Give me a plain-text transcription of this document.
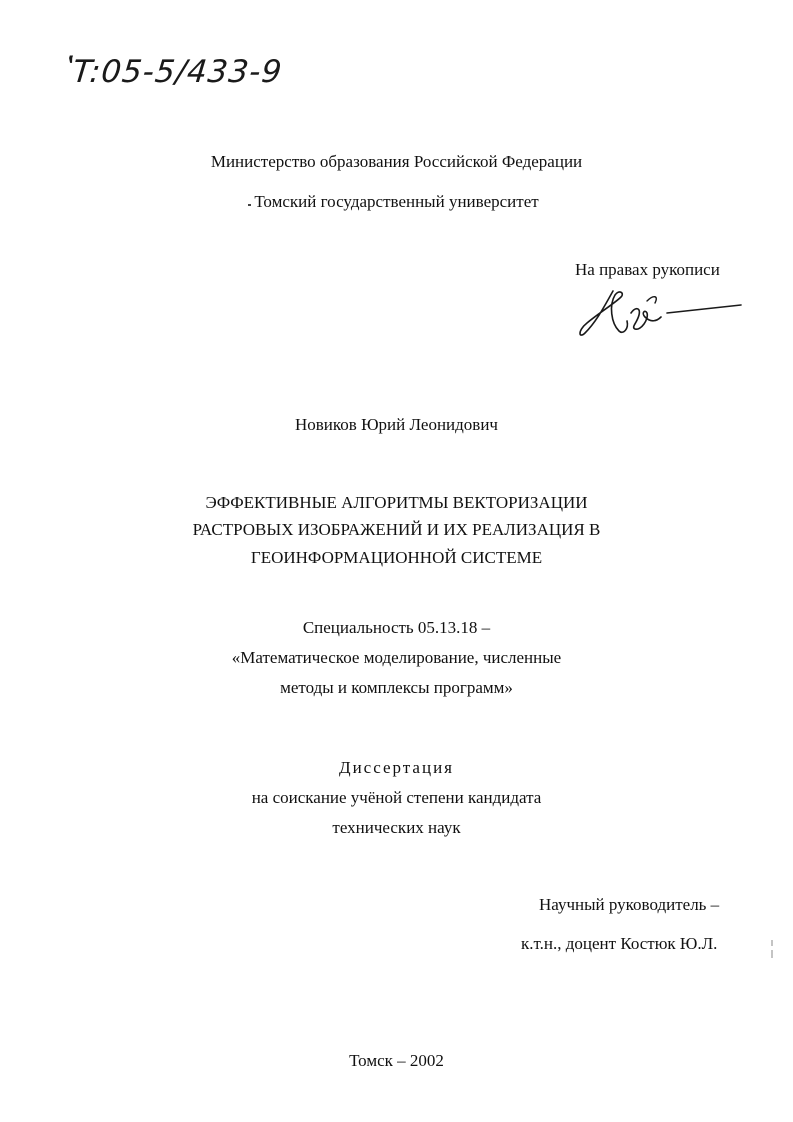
ʽT:05-5/433-9
Министерство образования Российской Федерации
Томский государственный университет
На правах рукописи
Новиков Юрий Леонидович
ЭФФЕКТИВНЫЕ АЛГОРИТМЫ ВЕКТОРИЗАЦИИ
РАСТРОВЫХ ИЗОБРАЖЕНИЙ И ИХ РЕАЛИЗАЦИЯ В
ГЕОИНФОРМАЦИОННОЙ СИСТЕМЕ
Специальность 05.13.18 –
«Математическое моделирование, численные
методы и комплексы программ»
Диссертация
на соискание учёной степени кандидата
технических наук
Научный руководитель –
к.т.н., доцент Костюк Ю.Л.
Томск – 2002
